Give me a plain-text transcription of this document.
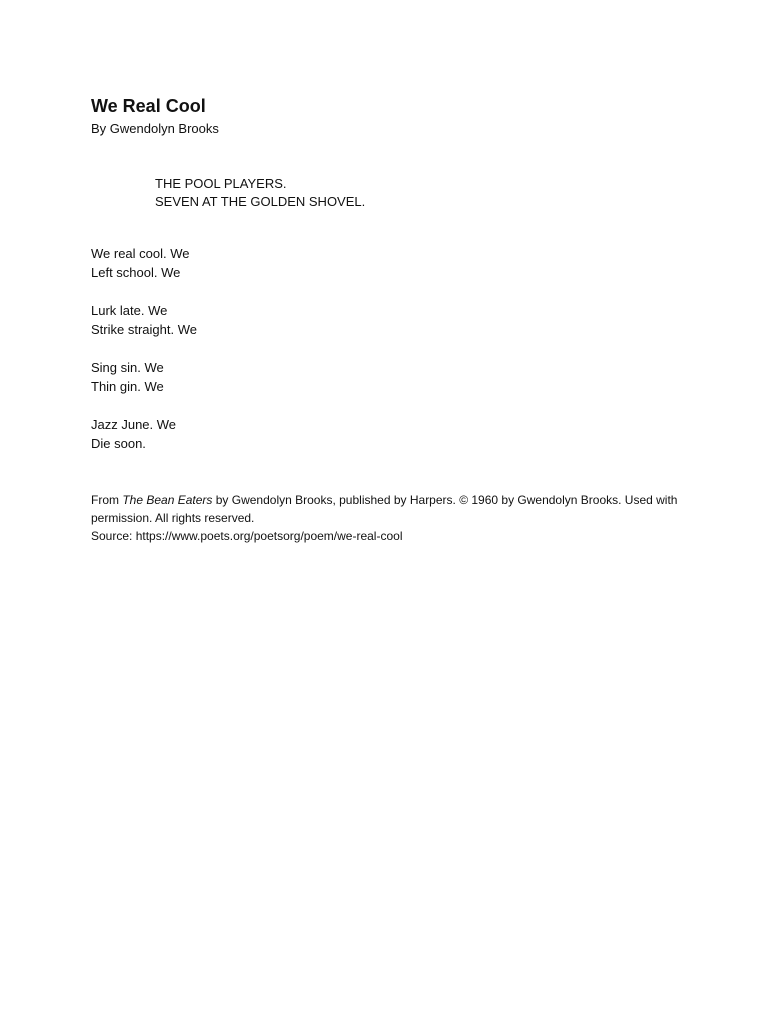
We Real Cool
By Gwendolyn Brooks
THE POOL PLAYERS.
SEVEN AT THE GOLDEN SHOVEL.
We real cool. We
Left school. We
Lurk late. We
Strike straight. We
Sing sin. We
Thin gin. We
Jazz June. We
Die soon.
From The Bean Eaters by Gwendolyn Brooks, published by Harpers. © 1960 by Gwendolyn Brooks. Used with permission. All rights reserved.
Source: https://www.poets.org/poetsorg/poem/we-real-cool
